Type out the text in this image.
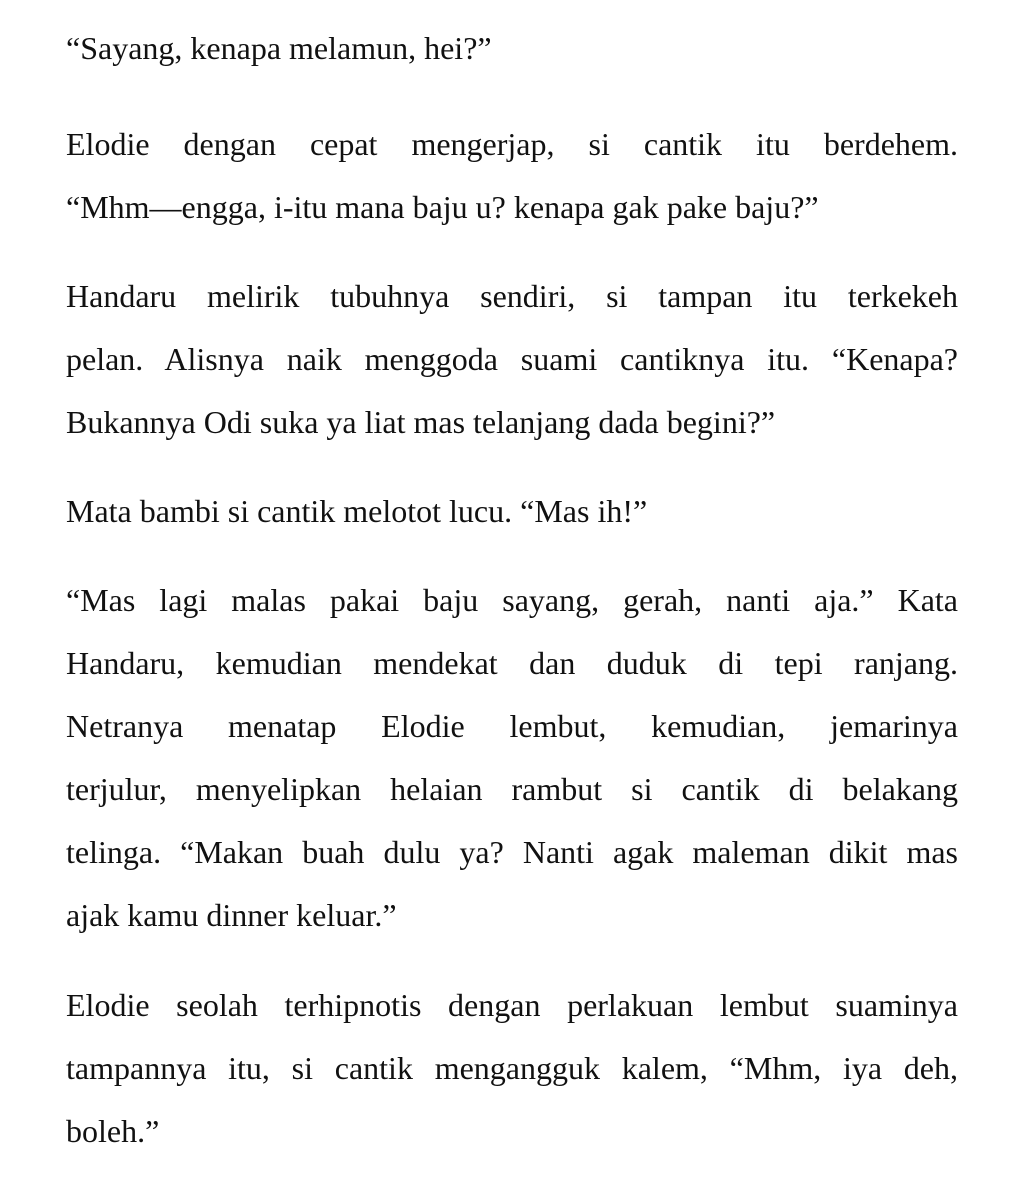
“Sayang, kenapa melamun, hei?”
Elodie dengan cepat mengerjap, si cantik itu berdehem.
“Mhm—engga, i-itu mana baju u? kenapa gak pake baju?”
Handaru melirik tubuhnya sendiri, si tampan itu terkekeh
pelan. Alisnya naik menggoda suami cantiknya itu. “Kenapa?
Bukannya Odi suka ya liat mas telanjang dada begini?”
Mata bambi si cantik melotot lucu. “Mas ih!”
“Mas lagi malas pakai baju sayang, gerah, nanti aja.” Kata
Handaru, kemudian mendekat dan duduk di tepi ranjang.
Netranya menatap Elodie lembut, kemudian, jemarinya
terjulur, menyelipkan helaian rambut si cantik di belakang
telinga. “Makan buah dulu ya? Nanti agak maleman dikit mas
ajak kamu dinner keluar.”
Elodie seolah terhipnotis dengan perlakuan lembut suaminya
tampannya itu, si cantik mengangguk kalem, “Mhm, iya deh,
boleh.”
